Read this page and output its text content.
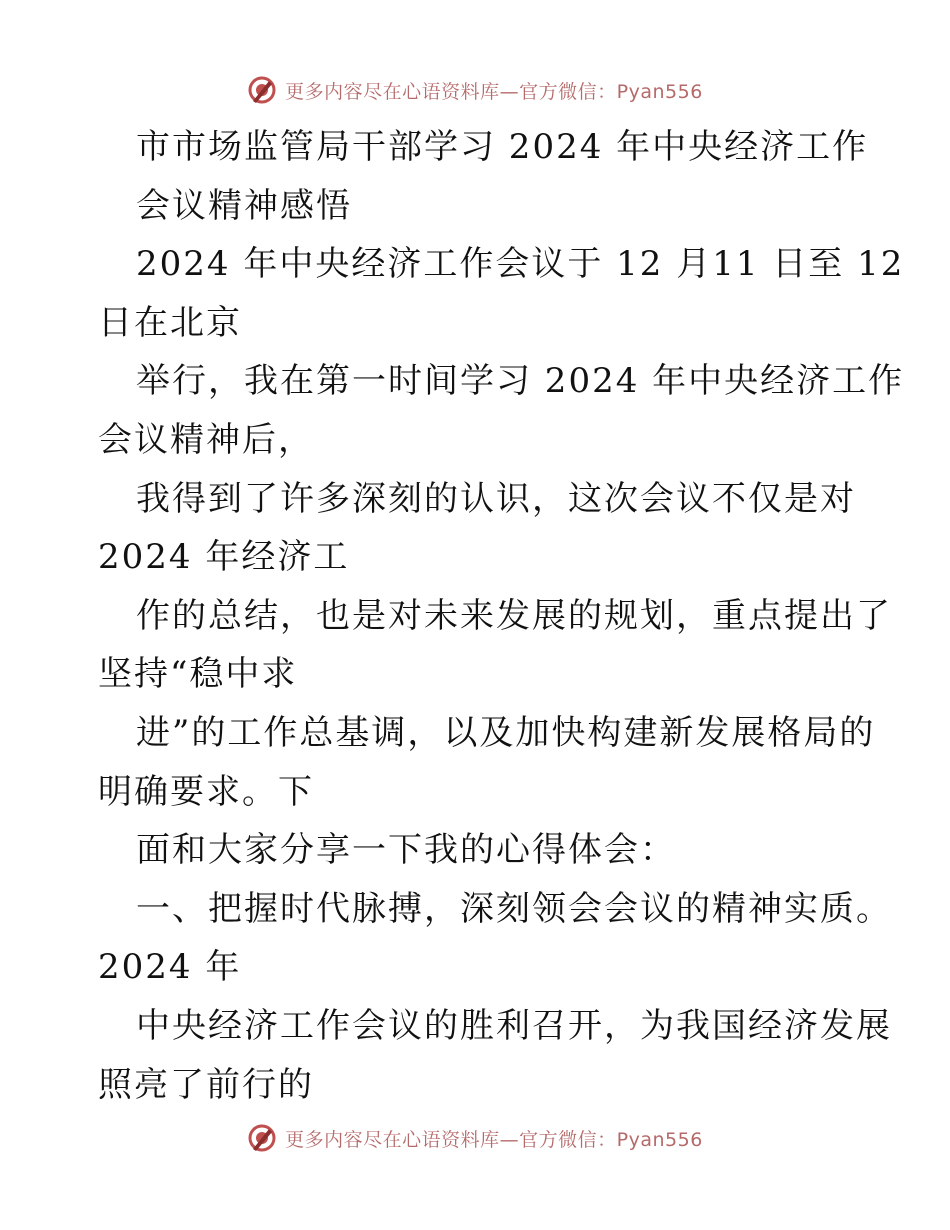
更多内容尽在心语资料库—官方微信：Pyan556
市市场监管局干部学习 2024 年中央经济工作
会议精神感悟
2024 年中央经济工作会议于 12 月11 日至 12
日在北京
举行，我在第一时间学习 2024 年中央经济工作
会议精神后，
我得到了许多深刻的认识，这次会议不仅是对
2024 年经济工
作的总结，也是对未来发展的规划，重点提出了
坚持“稳中求
进”的工作总基调，以及加快构建新发展格局的
明确要求。下
面和大家分享一下我的心得体会：
一、把握时代脉搏，深刻领会会议的精神实质。
2024 年
中央经济工作会议的胜利召开，为我国经济发展
照亮了前行的
更多内容尽在心语资料库—官方微信：Pyan556
